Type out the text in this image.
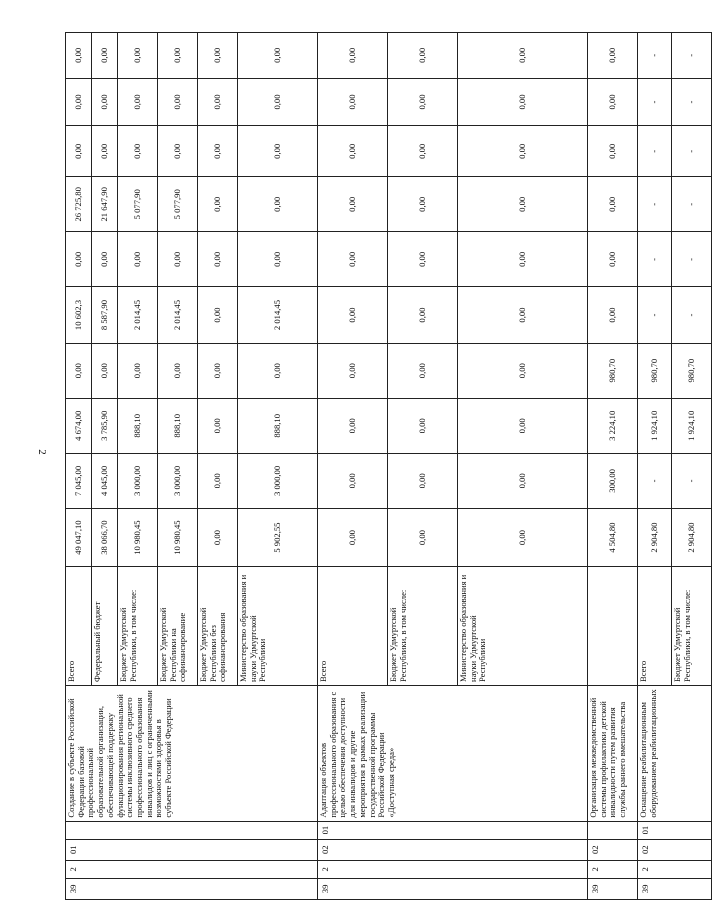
2
39	2	01		Создание в субъекте Российской Федерации базовой профессиональной образовательной организации, обеспечивающей поддержку функционирования региональной системы инклюзивного среднего профессионального образования инвалидов и лиц с ограниченными возможностями здоровья в субъекте Российской Федерации	Всего	49 047,10	7 045,00	4 674,00	0,00	10 602,3	0,00	26 725,80	0,00	0,00	0,00
					Федеральный бюджет	38 066,70	4 045,00	3 785,90	0,00	8 587,90	0,00	21 647,90	0,00	0,00	0,00
					Бюджет Удмуртской Республики, в том числе:	10 980,45	3 000,00	888,10	0,00	2 014,45	0,00	5 077,90	0,00	0,00	0,00
					Бюджет Удмуртской Республики на софинансирование	10 980,45	3 000,00	888,10	0,00	2 014,45	0,00	5 077,90	0,00	0,00	0,00
					Бюджет Удмуртской Республики без софинансирования	0,00	0,00	0,00	0,00	0,00	0,00	0,00	0,00	0,00	0,00
					Министерство образования и науки Удмуртской Республики	5 902,55	3 000,00	888,10	0,00	2 014,45	0,00	0,00	0,00	0,00	0,00
39	2	02	01	Адаптация объектов профессионального образования с целью обеспечения доступности для инвалидов и другие мероприятия в рамках реализации государственной программы Российской Федерации «Доступная среда»	Всего	0,00	0,00	0,00	0,00	0,00	0,00	0,00	0,00	0,00	0,00
					Бюджет Удмуртской Республики, в том числе:	0,00	0,00	0,00	0,00	0,00	0,00	0,00	0,00	0,00	0,00
					Министерство образования и науки Удмуртской Республики	0,00	0,00	0,00	0,00	0,00	0,00	0,00	0,00	0,00	0,00
39	2	02		Организация межведомственной системы профилактики детской инвалидности путем развития службы раннего вмешательства		4 504,80	300,00	3 224,10	980,70	0,00	0,00	0,00	0,00	0,00	0,00
39	2	02	01	Оснащение реабилитационным оборудованием реабилитационных	Всего	2 904,80	-	1 924,10	980,70	-	-	-	-	-	-
					Бюджет Удмуртской Республики, в том числе:	2 904,80	-	1 924,10	980,70	-	-	-	-	-	-
